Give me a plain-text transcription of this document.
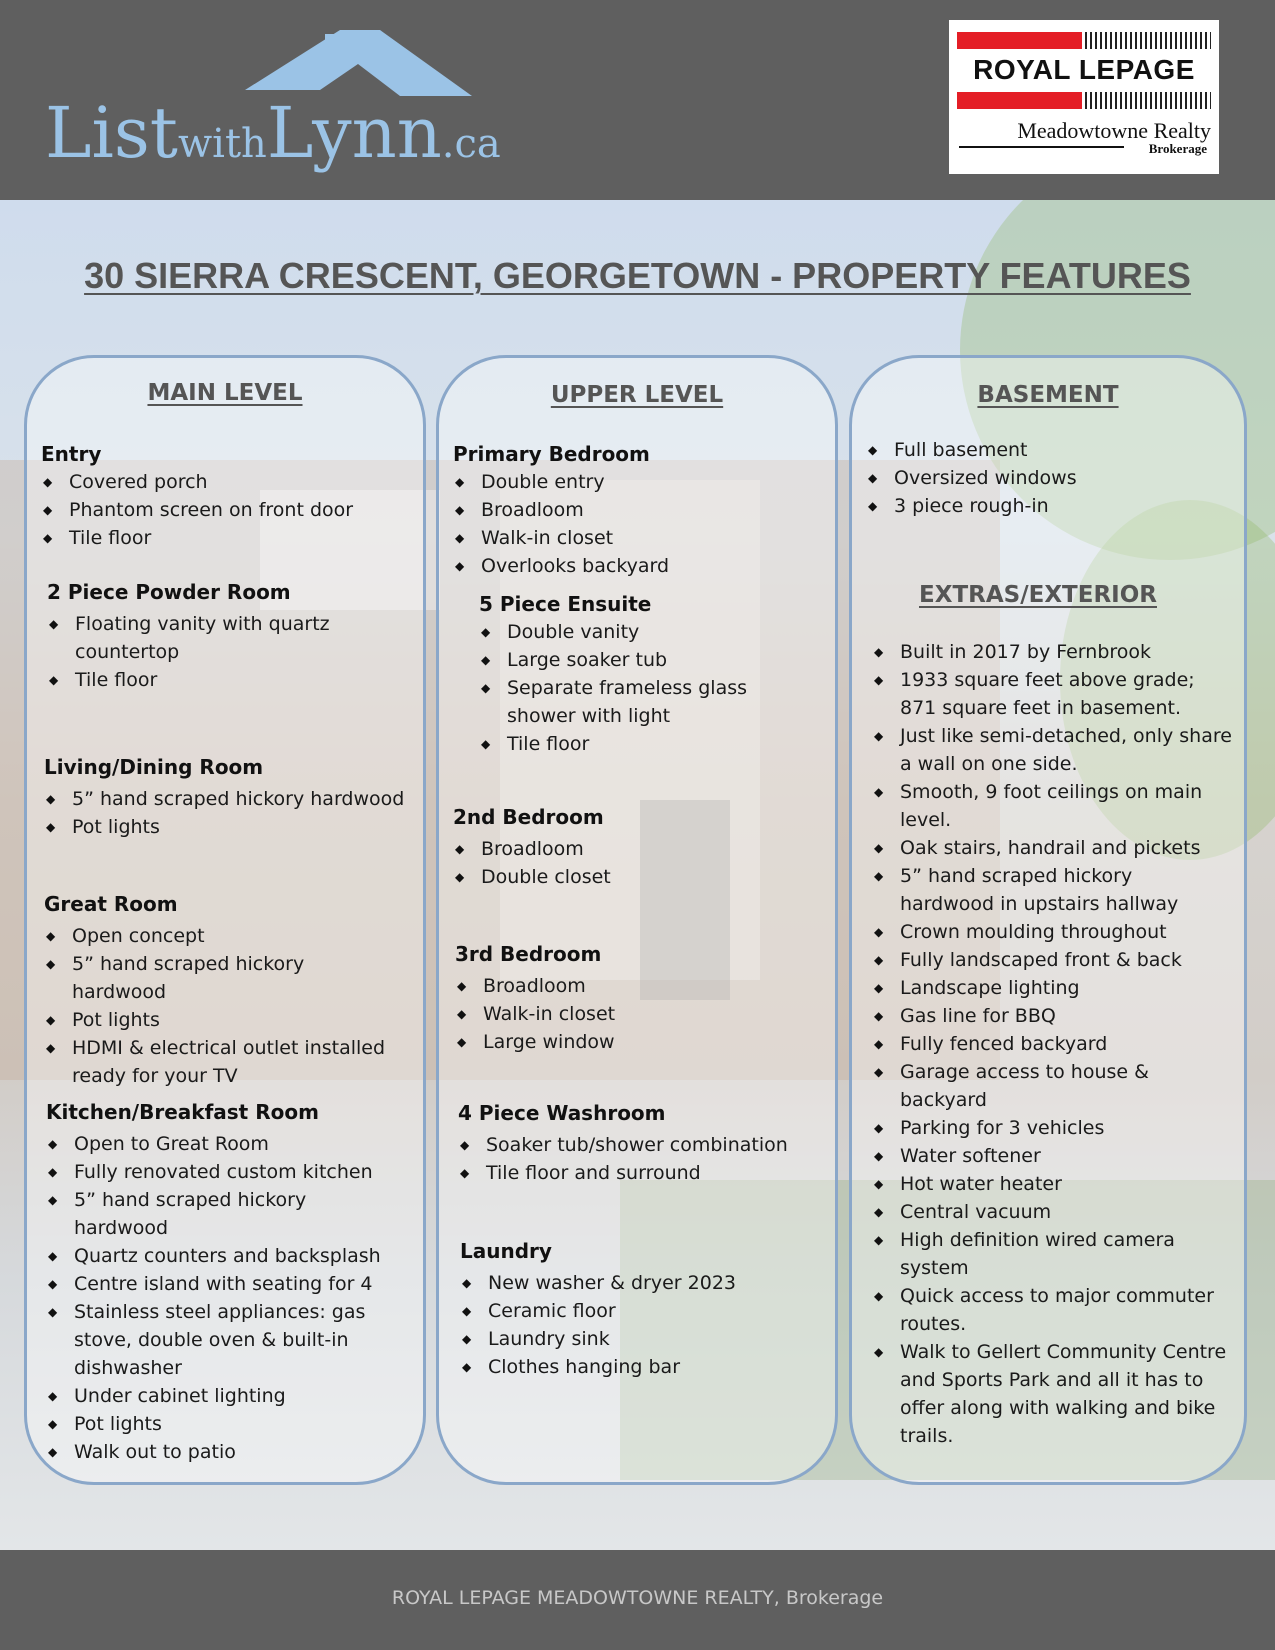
ListwithLynn.ca
ROYAL LEPAGE
Meadowtowne Realty
Brokerage
30 SIERRA CRESCENT, GEORGETOWN - PROPERTY FEATURES
MAIN LEVEL
Entry
◆ Covered porch
◆ Phantom screen on front door
◆ Tile floor
2 Piece Powder Room
◆ Floating vanity with quartz countertop
◆ Tile floor
Living/Dining Room
◆ 5” hand scraped hickory hardwood
◆ Pot lights
Great Room
◆ Open concept
◆ 5” hand scraped hickory hardwood
◆ Pot lights
◆ HDMI & electrical outlet installed ready for your TV
Kitchen/Breakfast Room
◆ Open to Great Room
◆ Fully renovated custom kitchen
◆ 5” hand scraped hickory hardwood
◆ Quartz counters and backsplash
◆ Centre island with seating for 4
◆ Stainless steel appliances: gas stove, double oven & built-in dishwasher
◆ Under cabinet lighting
◆ Pot lights
◆ Walk out to patio
UPPER LEVEL
Primary Bedroom
◆ Double entry
◆ Broadloom
◆ Walk-in closet
◆ Overlooks backyard
5 Piece Ensuite
◆ Double vanity
◆ Large soaker tub
◆ Separate frameless glass shower with light
◆ Tile floor
2nd Bedroom
◆ Broadloom
◆ Double closet
3rd Bedroom
◆ Broadloom
◆ Walk-in closet
◆ Large window
4 Piece Washroom
◆ Soaker tub/shower combination
◆ Tile floor and surround
Laundry
◆ New washer & dryer 2023
◆ Ceramic floor
◆ Laundry sink
◆ Clothes hanging bar
BASEMENT
◆ Full basement
◆ Oversized windows
◆ 3 piece rough-in
EXTRAS/EXTERIOR
◆ Built in 2017 by Fernbrook
◆ 1933 square feet above grade; 871 square feet in basement.
◆ Just like semi-detached, only share a wall on one side.
◆ Smooth, 9 foot ceilings on main level.
◆ Oak stairs, handrail and pickets
◆ 5” hand scraped hickory hardwood in upstairs hallway
◆ Crown moulding throughout
◆ Fully landscaped front & back
◆ Landscape lighting
◆ Gas line for BBQ
◆ Fully fenced backyard
◆ Garage access to house & backyard
◆ Parking for 3 vehicles
◆ Water softener
◆ Hot water heater
◆ Central vacuum
◆ High definition wired camera system
◆ Quick access to major commuter routes.
◆ Walk to Gellert Community Centre and Sports Park and all it has to offer along with walking and bike trails.
ROYAL LEPAGE MEADOWTOWNE REALTY, Brokerage
